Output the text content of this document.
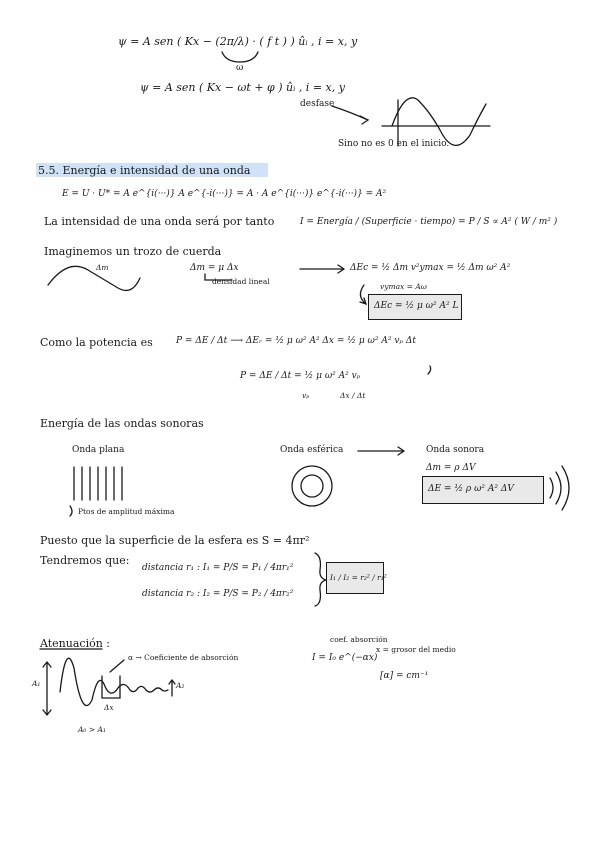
ψ = A sen ( Kx − (2π/λ) · ( f t ) ) ûᵢ , i = x, y
ω
ψ = A sen ( Kx − ωt + φ ) ûᵢ , i = x, y
desfase
Sino no es 0 en el inicio.
5.5. Energía e intensidad de una onda
E = U · U* = A e^{i(···)} A e^{-i(···)} = A · A e^{i(···)} e^{-i(···)} = A²
La intensidad de una onda será por tanto	I = Energía / (Superficie · tiempo) = P / S ∝ A² ( W / m² )
Imaginemos un trozo de cuerda
Δm	Δm = μ Δx
densidad lineal
ΔEc = ½ Δm v²ymax = ½ Δm ω² A²
vymax = Aω
ΔEc = ½ μ ω² A² L
Como la potencia es	P = ΔE / Δt ⟶ ΔEᵣ = ½ μ ω² A² Δx = ½ μ ω² A² vₚ Δt
P = ΔE / Δt = ½ μ ω² A² vₚ
vₚ	Δx / Δt
Energía de las ondas sonoras
Onda plana
Ptos de amplitud máxima
Onda esférica	Onda sonora
Δm = ρ ΔV
ΔE = ½ ρ ω² A² ΔV
Puesto que la superficie de la esfera es S = 4πr²
Tendremos que:
distancia r₁ : I₁ = P/S = P₁ / 4πr₁²
distancia r₂ : I₂ = P/S = P₂ / 4πr₂²
I₁ / I₂ = r₂² / r₁²
Atenuación :
α → Coeficiente de absorción
A₁	A₂
Δx
A₀ > A₁
coef. absorción
x = grosor del medio
I = I₀ e^(−αx)
[α] = cm⁻¹
